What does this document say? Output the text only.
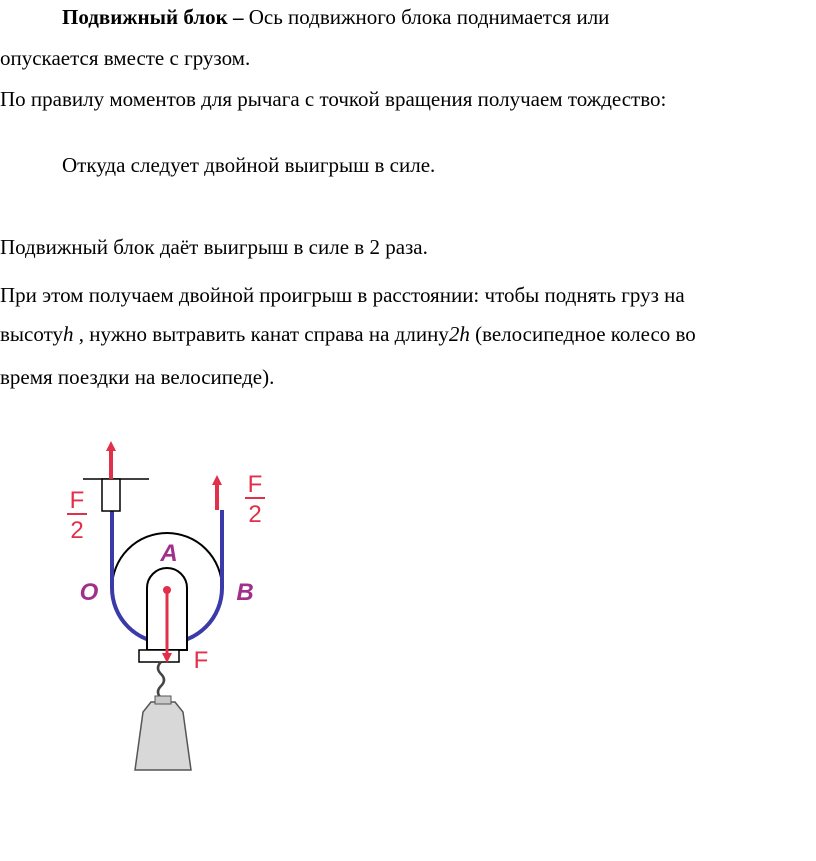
Подвижный блок – Ось подвижного блока поднимается или
опускается вместе с грузом.
По правилу моментов для рычага с точкой вращения получаем тождество:
Откуда следует двойной выигрыш в силе.
Подвижный блок даёт выигрыш в силе в 2 раза.
При этом получаем двойной проигрыш в расстоянии: чтобы поднять груз на
высотуh , нужно вытравить канат справа на длину2h (велосипедное колесо во
время поездки на велосипеде).
F
2
F
2
O
A
B
F
